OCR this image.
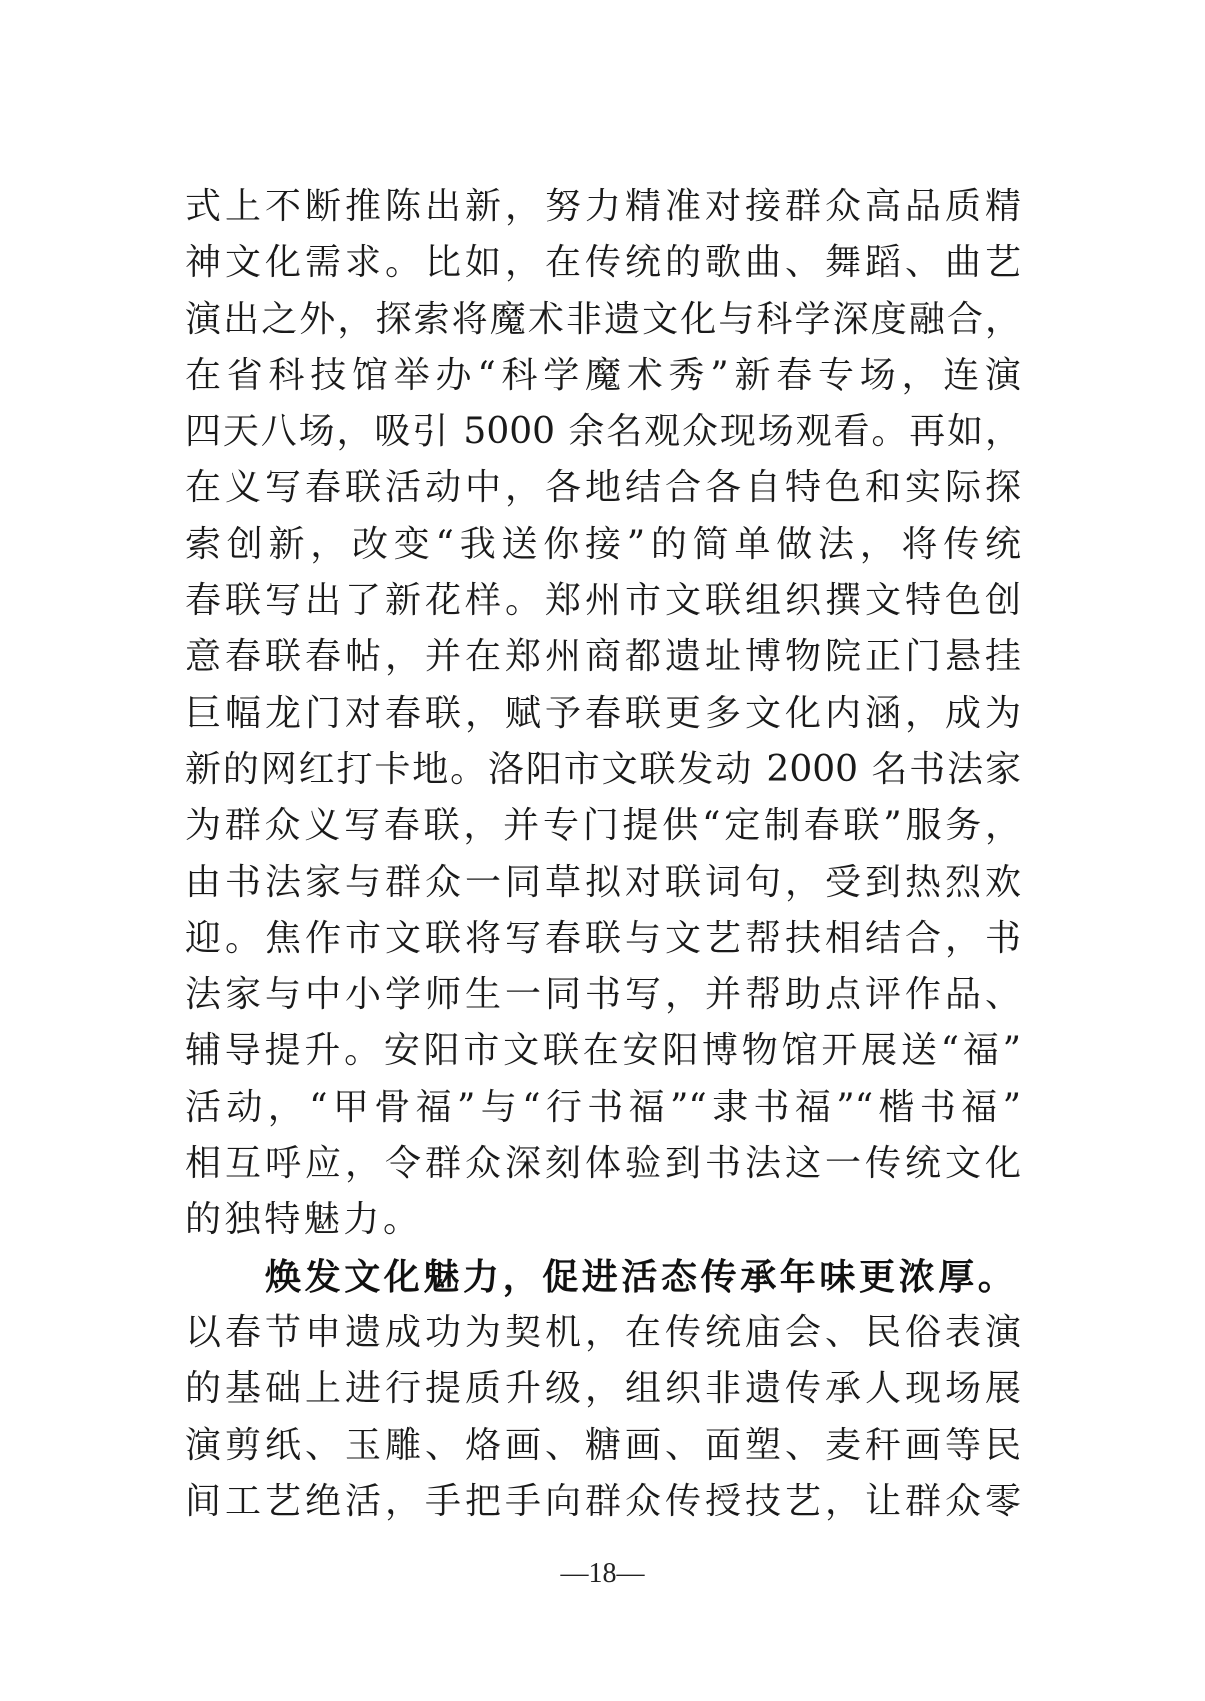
式上不断推陈出新，努力精准对接群众高品质精
神文化需求。比如，在传统的歌曲、舞蹈、曲艺
演出之外，探索将魔术非遗文化与科学深度融合，
在省科技馆举办“科学魔术秀”新春专场，连演
四天八场，吸引 5000 余名观众现场观看。再如，
在义写春联活动中，各地结合各自特色和实际探
索创新，改变“我送你接”的简单做法，将传统
春联写出了新花样。郑州市文联组织撰文特色创
意春联春帖，并在郑州商都遗址博物院正门悬挂
巨幅龙门对春联，赋予春联更多文化内涵，成为
新的网红打卡地。洛阳市文联发动 2000 名书法家
为群众义写春联，并专门提供“定制春联”服务，
由书法家与群众一同草拟对联词句，受到热烈欢
迎。焦作市文联将写春联与文艺帮扶相结合，书
法家与中小学师生一同书写，并帮助点评作品、
辅导提升。安阳市文联在安阳博物馆开展送“福”
活动，“甲骨福”与“行书福”“隶书福”“楷书福”
相互呼应，令群众深刻体验到书法这一传统文化
的独特魅力。
焕发文化魅力，促进活态传承年味更浓厚。
以春节申遗成功为契机，在传统庙会、民俗表演
的基础上进行提质升级，组织非遗传承人现场展
演剪纸、玉雕、烙画、糖画、面塑、麦秆画等民
间工艺绝活，手把手向群众传授技艺，让群众零
—18—
